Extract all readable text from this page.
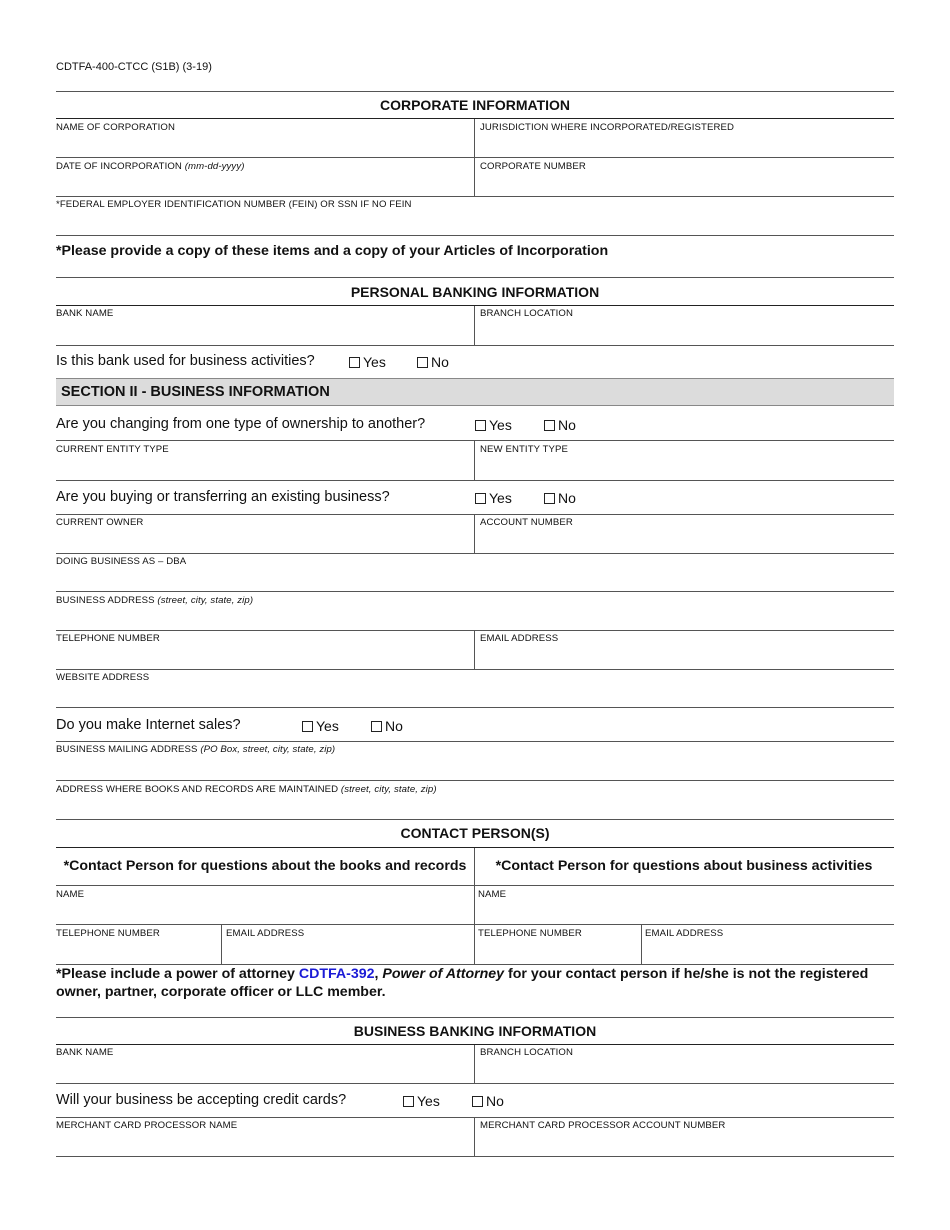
CDTFA-400-CTCC (S1B) (3-19)
CORPORATE INFORMATION
NAME OF CORPORATION	JURISDICTION WHERE INCORPORATED/REGISTERED
DATE OF INCORPORATION (mm-dd-yyyy)	CORPORATE NUMBER
*FEDERAL EMPLOYER IDENTIFICATION NUMBER (FEIN) OR SSN IF NO FEIN
*Please provide a copy of these items and a copy of your Articles of Incorporation
PERSONAL BANKING INFORMATION
BANK NAME	BRANCH LOCATION
Is this bank used for business activities?	Yes	No
SECTION II - BUSINESS INFORMATION
Are you changing from one type of ownership to another?	Yes	No
CURRENT ENTITY TYPE	NEW ENTITY TYPE
Are you buying or transferring an existing business?	Yes	No
CURRENT OWNER	ACCOUNT NUMBER
DOING BUSINESS AS – DBA
BUSINESS ADDRESS (street, city, state, zip)
TELEPHONE NUMBER	EMAIL ADDRESS
WEBSITE ADDRESS
Do you make Internet sales?	Yes	No
BUSINESS MAILING ADDRESS (PO Box, street, city, state, zip)
ADDRESS WHERE BOOKS AND RECORDS ARE MAINTAINED (street, city, state, zip)
CONTACT PERSON(S)
*Contact Person for questions about the books and records	*Contact Person for questions about business activities
NAME	NAME
TELEPHONE NUMBER	EMAIL ADDRESS	TELEPHONE NUMBER	EMAIL ADDRESS
*Please include a power of attorney CDTFA-392, Power of Attorney for your contact person if he/she is not the registered owner, partner, corporate officer or LLC member.
BUSINESS BANKING INFORMATION
BANK NAME	BRANCH LOCATION
Will your business be accepting credit cards?	Yes	No
MERCHANT CARD PROCESSOR NAME	MERCHANT CARD PROCESSOR ACCOUNT NUMBER
